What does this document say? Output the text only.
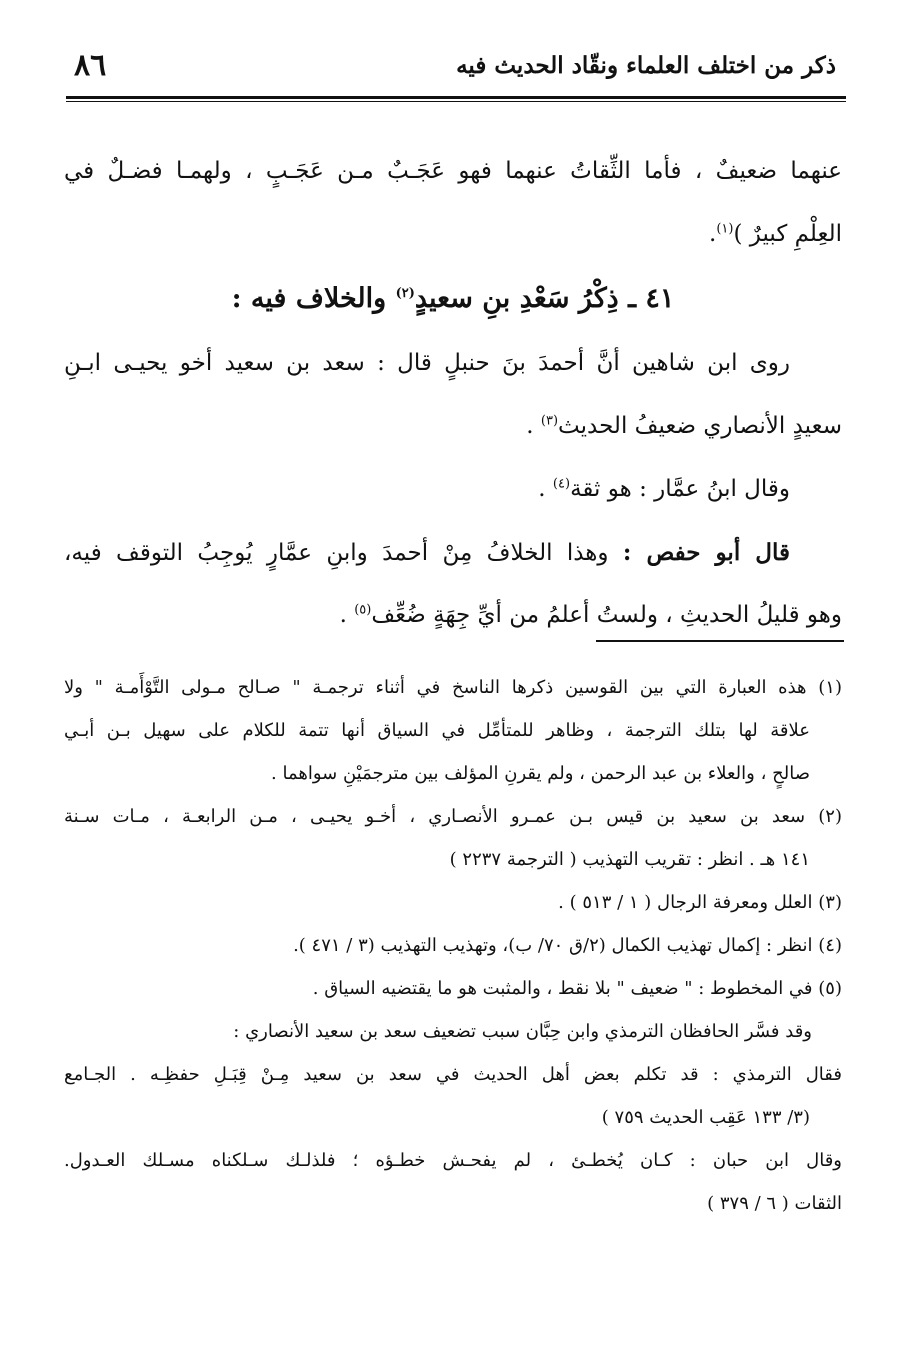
ذكر من اختلف العلماء ونقّاد الحديث فيه
٨٦
عنهما ضعيفٌ ، فأما الثِّقاتُ عنهما فهو عَجَـبٌ مـن عَجَـبٍ ، ولهمـا فضـلٌ في
العِلْمِ كبيرٌ )$^{(١)}$.
٤١ ـ ذِكْرُ سَعْدِ بنِ سعيدٍ$^{(٢)}$ والخلاف فيه :
روى ابن شاهين أنَّ أحمدَ بنَ حنبلٍ قال : سعد بن سعيد أخو يحيـى ابـنِ
سعيدٍ الأنصاري ضعيفُ الحديث$^{(٣)}$ .
وقال ابنُ عمَّار : هو ثقة$^{(٤)}$ .
قال أبو حفص : وهذا الخلافُ مِنْ أحمدَ وابنِ عمَّارٍ يُوجِبُ التوقف فيه،
وهو قليلُ الحديثِ ، ولستُ أعلمُ من أيِّ جِهَةٍ ضُعِّف$^{(٥)}$ .
(١) هذه العبارة التي بين القوسين ذكرها الناسخ في أثناء ترجمـة " صـالح مـولى التَّوْأَمـة " ولا
علاقة لها بتلك الترجمة ، وظاهر للمتأمِّل في السياق أنها تتمة للكلام على سهيل بـن أبـي
صالحٍ ، والعلاء بن عبد الرحمن ، ولم يقرنِ المؤلف بين مترجمَيْنِ سواهما .
(٢) سعد بن سعيد بن قيس بـن عمـرو الأنصـاري ، أخـو يحيـى ، مـن الرابعـة ، مـات سـنة
١٤١ هـ . انظر : تقريب التهذيب ( الترجمة ٢٢٣٧ )
(٣) العلل ومعرفة الرجال ( ١ / ٥١٣ ) .
(٤) انظر : إكمال تهذيب الكمال (٢/ق ٧٠/ ب)، وتهذيب التهذيب (٣ / ٤٧١ ).
(٥) في المخطوط : " ضعيف " بلا نقط ، والمثبت هو ما يقتضيه السياق .
وقد فسَّر الحافظان الترمذي وابن حِبَّان سبب تضعيف سعد بن سعيد الأنصاري :
فقال الترمذي : قد تكلم بعض أهل الحديث في سعد بن سعيد مِـنْ قِبَـلِ حفظِـه . الجـامع
(٣/ ١٣٣ عَقِب الحديث ٧٥٩ )
وقال ابن حبان : كـان يُخطـئ ، لم يفحـش خطـؤه ؛ فلذلـك سـلكناه مسـلك العـدول.
الثقات ( ٦ / ٣٧٩ )
